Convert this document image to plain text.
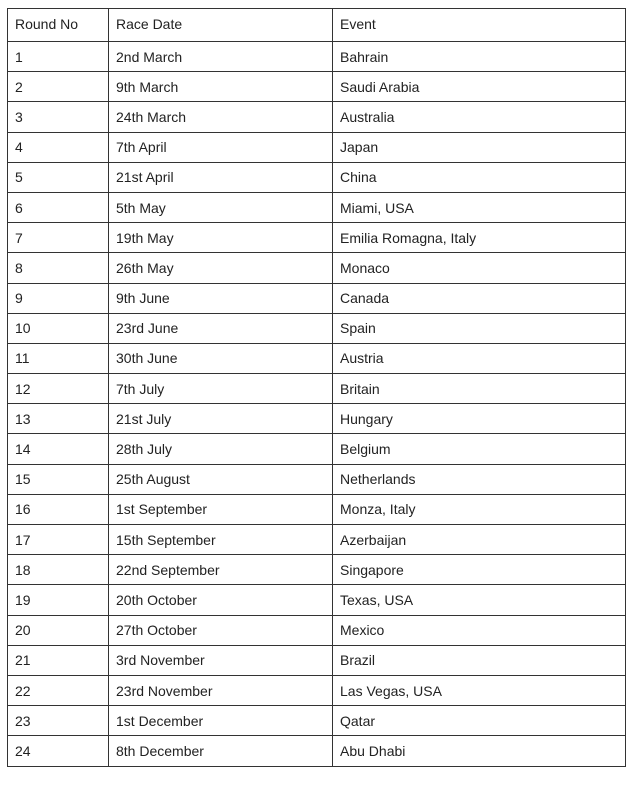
Round No	Race Date	Event
1	2nd March	Bahrain
2	9th March	Saudi Arabia
3	24th March	Australia
4	7th April	Japan
5	21st April	China
6	5th May	Miami, USA
7	19th May	Emilia Romagna, Italy
8	26th May	Monaco
9	9th June	Canada
10	23rd June	Spain
11	30th June	Austria
12	7th July	Britain
13	21st July	Hungary
14	28th July	Belgium
15	25th August	Netherlands
16	1st September	Monza, Italy
17	15th September	Azerbaijan
18	22nd September	Singapore
19	20th October	Texas, USA
20	27th October	Mexico
21	3rd November	Brazil
22	23rd November	Las Vegas, USA
23	1st December	Qatar
24	8th December	Abu Dhabi
